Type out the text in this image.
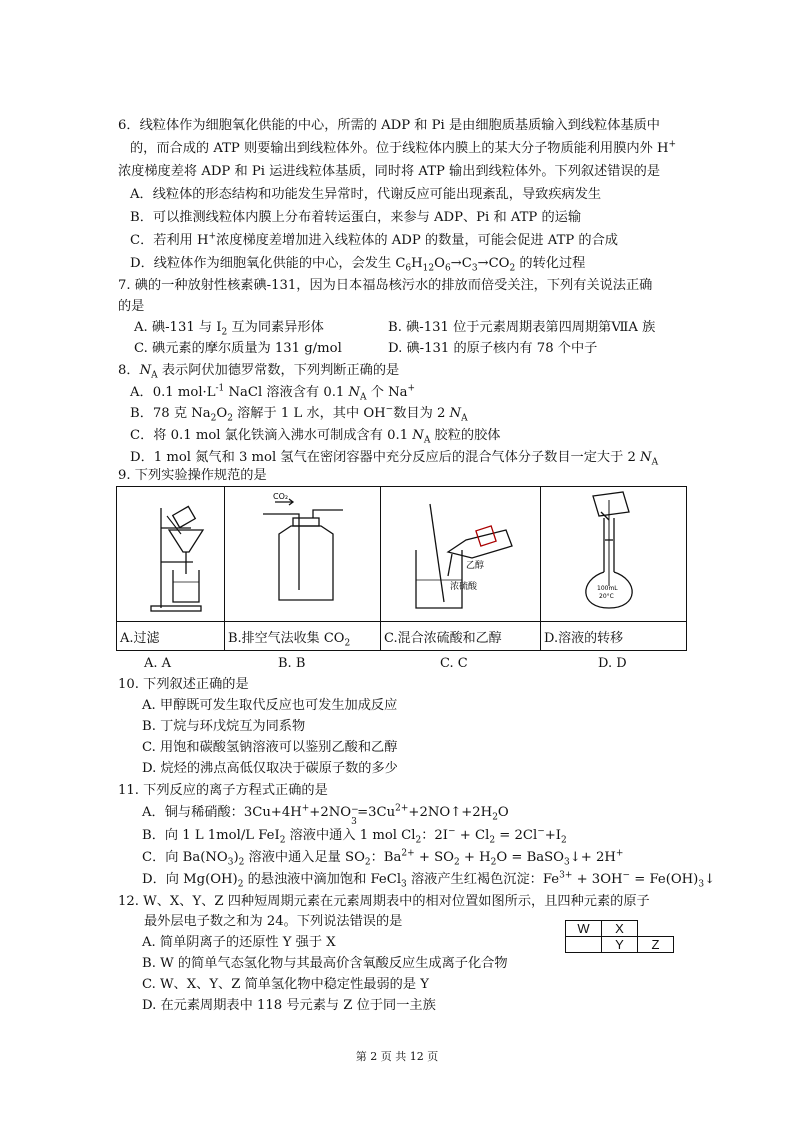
6．线粒体作为细胞氧化供能的中心，所需的 ADP 和 Pi 是由细胞质基质输入到线粒体基质中
的，而合成的 ATP 则要输出到线粒体外。位于线粒体内膜上的某大分子物质能利用膜内外 H+
浓度梯度差将 ADP 和 Pi 运进线粒体基质，同时将 ATP 输出到线粒体外。下列叙述错误的是
A．线粒体的形态结构和功能发生异常时，代谢反应可能出现紊乱，导致疾病发生
B．可以推测线粒体内膜上分布着转运蛋白，来参与 ADP、Pi 和 ATP 的运输
C．若利用 H+浓度梯度差增加进入线粒体的 ADP 的数量，可能会促进 ATP 的合成
D．线粒体作为细胞氧化供能的中心，会发生 $C_6H_{12}O_6\to C_3\to CO_2$ 的转化过程
7. 碘的一种放射性核素碘-131，因为日本福岛核污水的排放而倍受关注，下列有关说法正确
的是
A. 碘-131 与 $I_2$ 互为同素异形体	B. 碘-131 位于元素周期表第四周期第ⅦA 族
C. 碘元素的摩尔质量为 131 g/mol	D. 碘-131 的原子核内有 78 个中子
8．$N_A$ 表示阿伏加德罗常数，下列判断正确的是
A．0.1 $mol\cdot L^{-1}$ NaCl 溶液含有 0.1 $N_A$ 个 Na+
B．78 克 $Na_2O_2$ 溶解于 1 L 水，其中 OH−数目为 2 $N_A$
C．将 0.1 mol 氯化铁滴入沸水可制成含有 0.1 $N_A$ 胶粒的胶体
D．1 mol 氮气和 3 mol 氢气在密闭容器中充分反应后的混合气体分子数目一定大于 2 $N_A$
9. 下列实验操作规范的是

CO₂	乙醇
浓硫酸	100mL
20°C

A.过滤	B.排空气法收集 $CO_2$	C.混合浓硫酸和乙醇	D.溶液的转移
A. A	B. B	C. C	D. D
10. 下列叙述正确的是
A. 甲醇既可发生取代反应也可发生加成反应
B. 丁烷与环戊烷互为同系物
C. 用饱和碳酸氢钠溶液可以鉴别乙酸和乙醇
D. 烷烃的沸点高低仅取决于碳原子数的多少
11. 下列反应的离子方程式正确的是
A．铜与稀硝酸：3Cu+4H++2NO −
3
$=3Cu^{2+}+2NO↑+2H_2O$
B．向 1 L 1mol/L FeI$_2$ 溶液中通入 1 mol $Cl_2$：$2I^- + Cl_2 = 2Cl^-+I_2$
C．向 $Ba(NO_3)_2$ 溶液中通入足量 $SO_2$：$Ba^{2+} + SO_2 + H_2O$ = BaSO$_3$↓+ 2H+
D．向 $Mg(OH)_2$ 的悬浊液中滴加饱和 FeCl$_3$ 溶液产生红褐色沉淀：$Fe^{3+} + 3OH^-$ = $Fe(OH)_3↓$
12. W、X、Y、Z 四种短周期元素在元素周期表中的相对位置如图所示，且四种元素的原子
最外层电子数之和为 24。下列说法错误的是
A. 简单阴离子的还原性 Y 强于 X
B. W 的简单气态氢化物与其最高价含氧酸反应生成离子化合物
C. W、X、Y、Z 简单氢化物中稳定性最弱的是 Y
D. 在元素周期表中 118 号元素与 Z 位于同一主族
W	X	
	Y	Z
第 2 页 共 12 页
